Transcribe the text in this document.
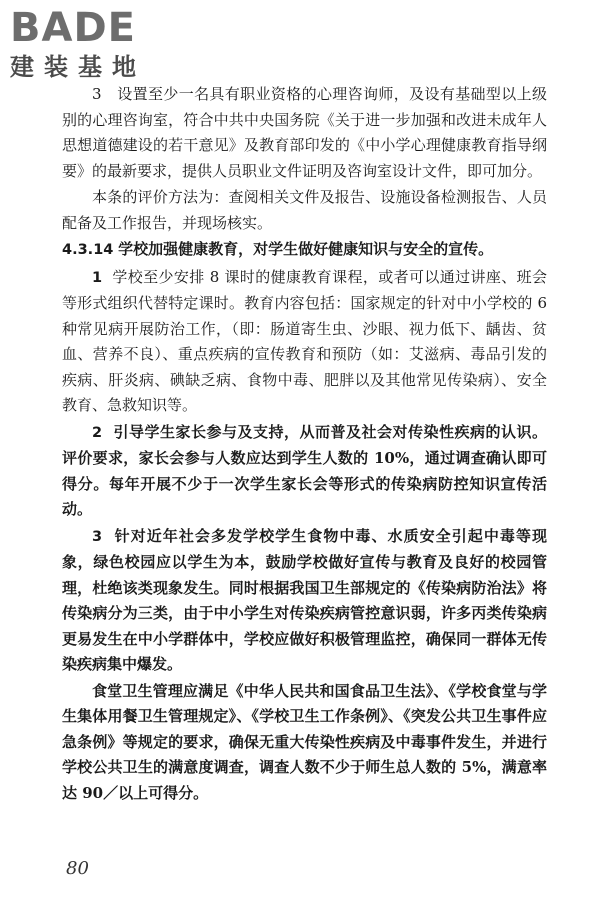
BADE
建装基地

3　设置至少一名具有职业资格的心理咨询师，及设有基础型以上级别的心理咨询室，符合中共中央国务院《关于进一步加强和改进未成年人思想道德建设的若干意见》及教育部印发的《中小学心理健康教育指导纲要》的最新要求，提供人员职业文件证明及咨询室设计文件，即可加分。

本条的评价方法为：查阅相关文件及报告、设施设备检测报告、人员配备及工作报告，并现场核实。

4.3.14 学校加强健康教育，对学生做好健康知识与安全的宣传。

1 学校至少安排 8 课时的健康教育课程，或者可以通过讲座、班会等形式组织代替特定课时。教育内容包括：国家规定的针对中小学校的 6 种常见病开展防治工作，（即：肠道寄生虫、沙眼、视力低下、龋齿、贫血、营养不良）、重点疾病的宣传教育和预防（如：艾滋病、毒品引发的疾病、肝炎病、碘缺乏病、食物中毒、肥胖以及其他常见传染病）、安全教育、急救知识等。

2 引导学生家长参与及支持，从而普及社会对传染性疾病的认识。评价要求，家长会参与人数应达到学生人数的 10%，通过调查确认即可得分。每年开展不少于一次学生家长会等形式的传染病防控知识宣传活动。

3 针对近年社会多发学校学生食物中毒、水质安全引起中毒等现象，绿色校园应以学生为本，鼓励学校做好宣传与教育及良好的校园管理，杜绝该类现象发生。同时根据我国卫生部规定的《传染病防治法》将传染病分为三类，由于中小学生对传染疾病管控意识弱，许多丙类传染病更易发生在中小学群体中，学校应做好积极管理监控，确保同一群体无传染疾病集中爆发。

食堂卫生管理应满足《中华人民共和国食品卫生法》、《学校食堂与学生集体用餐卫生管理规定》、《学校卫生工作条例》、《突发公共卫生事件应急条例》等规定的要求，确保无重大传染性疾病及中毒事件发生，并进行学校公共卫生的满意度调查，调查人数不少于师生总人数的 5%，满意率达 90／以上可得分。

80
